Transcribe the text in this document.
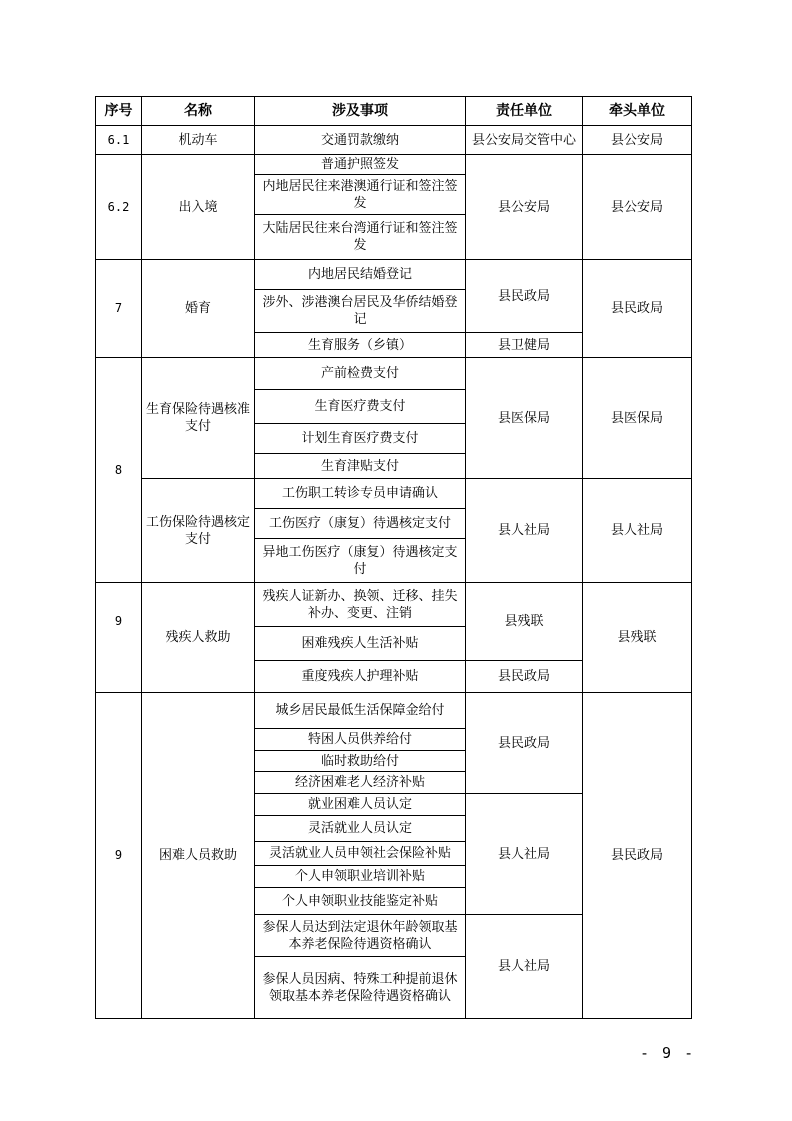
序号	名称	涉及事项	责任单位	牵头单位
6.1	机动车	交通罚款缴纳	县公安局交管中心	县公安局
6.2	出入境	普通护照签发	县公安局	县公安局
		内地居民往来港澳通行证和签注签发		
		大陆居民往来台湾通行证和签注签发		
7	婚育	内地居民结婚登记	县民政局	县民政局
		涉外、涉港澳台居民及华侨结婚登记		
		生育服务（乡镇）	县卫健局	
8	生育保险待遇核准支付	产前检费支付	县医保局	县医保局
		生育医疗费支付		
		计划生育医疗费支付		
		生育津贴支付		
	工伤保险待遇核定支付	工伤职工转诊专员申请确认	县人社局	县人社局
		工伤医疗（康复）待遇核定支付		
		异地工伤医疗（康复）待遇核定支付		
9	残疾人救助	残疾人证新办、换领、迁移、挂失补办、变更、注销	县残联	县残联
		困难残疾人生活补贴		
		重度残疾人护理补贴	县民政局	
9	困难人员救助	城乡居民最低生活保障金给付	县民政局	县民政局
		特困人员供养给付		
		临时救助给付		
		经济困难老人经济补贴		
		就业困难人员认定	县人社局	
		灵活就业人员认定		
		灵活就业人员申领社会保险补贴		
		个人申领职业培训补贴		
		个人申领职业技能鉴定补贴		
		参保人员达到法定退休年龄领取基本养老保险待遇资格确认	县人社局	
		参保人员因病、特殊工种提前退休领取基本养老保险待遇资格确认		
- 9 -
